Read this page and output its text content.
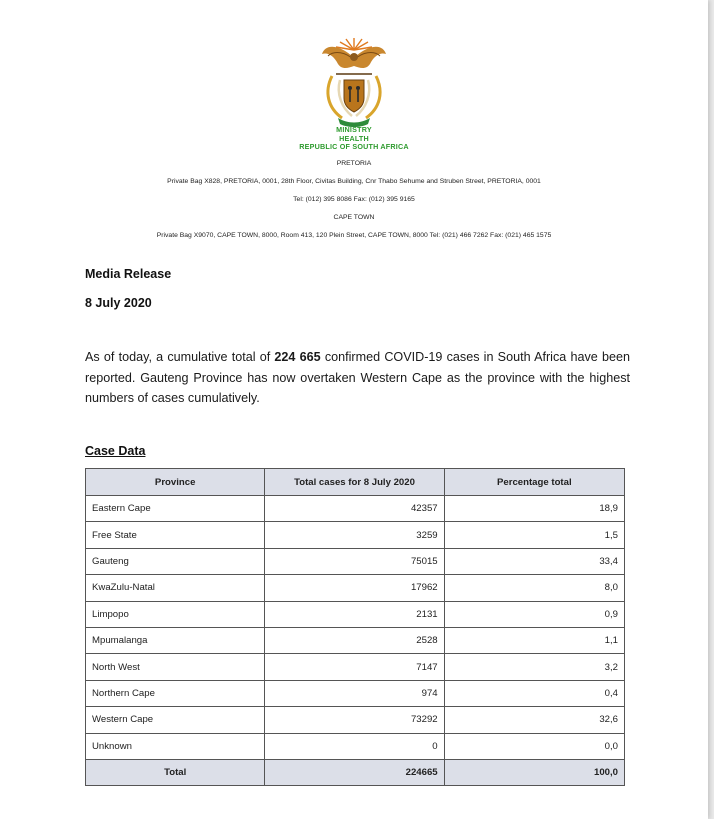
MINISTRY
HEALTH
REPUBLIC OF SOUTH AFRICA
PRETORIA
Private Bag X828, PRETORIA, 0001, 28th Floor, Civitas Building, Cnr Thabo Sehume and Struben Street, PRETORIA, 0001
Tel: (012) 395 8086 Fax: (012) 395 9165
CAPE TOWN
Private Bag X9070, CAPE TOWN, 8000, Room 413, 120 Plein Street, CAPE TOWN, 8000 Tel: (021) 466 7262 Fax: (021) 465 1575
Media Release
8 July 2020
As of today, a cumulative total of 224 665 confirmed COVID-19 cases in South Africa have been reported. Gauteng Province has now overtaken Western Cape as the province with the highest numbers of cases cumulatively.
Case Data
Province	Total cases for 8 July 2020	Percentage total
Eastern Cape	42357	18,9
Free State	3259	1,5
Gauteng	75015	33,4
KwaZulu-Natal	17962	8,0
Limpopo	2131	0,9
Mpumalanga	2528	1,1
North West	7147	3,2
Northern Cape	974	0,4
Western Cape	73292	32,6
Unknown	0	0,0
Total	224665	100,0
